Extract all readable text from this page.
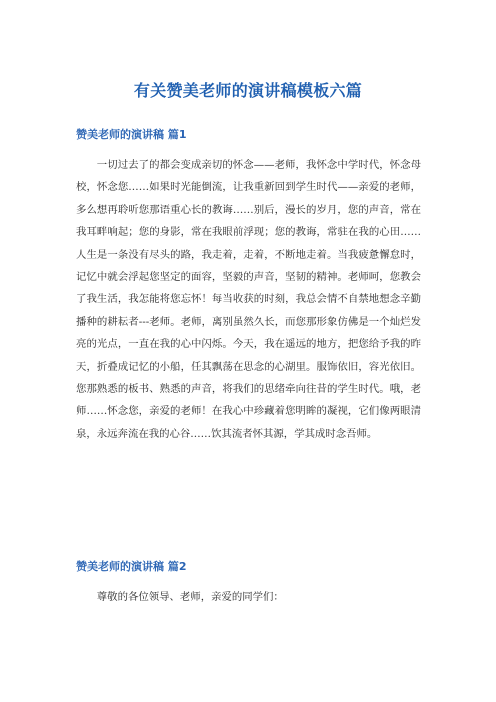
有关赞美老师的演讲稿模板六篇
赞美老师的演讲稿 篇1

一切过去了的都会变成亲切的怀念——老师，我怀念中学时代，怀念母校，怀念您……如果时光能倒流，让我重新回到学生时代——亲爱的老师，多么想再聆听您那语重心长的教诲……别后，漫长的岁月，您的声音，常在我耳畔响起；您的身影，常在我眼前浮现；您的教诲，常驻在我的心田……人生是一条没有尽头的路，我走着，走着，不断地走着。当我疲惫懈怠时，记忆中就会浮起您坚定的面容，坚毅的声音，坚韧的精神。老师呵，您教会了我生活，我怎能将您忘怀！每当收获的时刻，我总会情不自禁地想念辛勤播种的耕耘者---老师。老师，离别虽然久长，而您那形象仿佛是一个灿烂发亮的光点，一直在我的心中闪烁。今天，我在遥远的地方，把您给予我的昨天，折叠成记忆的小船，任其飘荡在思念的心湖里。服饰依旧，容光依旧。您那熟悉的板书、熟悉的声音，将我们的思绪牵向往昔的学生时代。哦，老师……怀念您，亲爱的老师！在我心中珍藏着您明眸的凝视，它们像两眼清泉，永远奔流在我的心谷……饮其流者怀其源，学其成时念吾师。

赞美老师的演讲稿 篇2

尊敬的各位领导、老师，亲爱的同学们：
